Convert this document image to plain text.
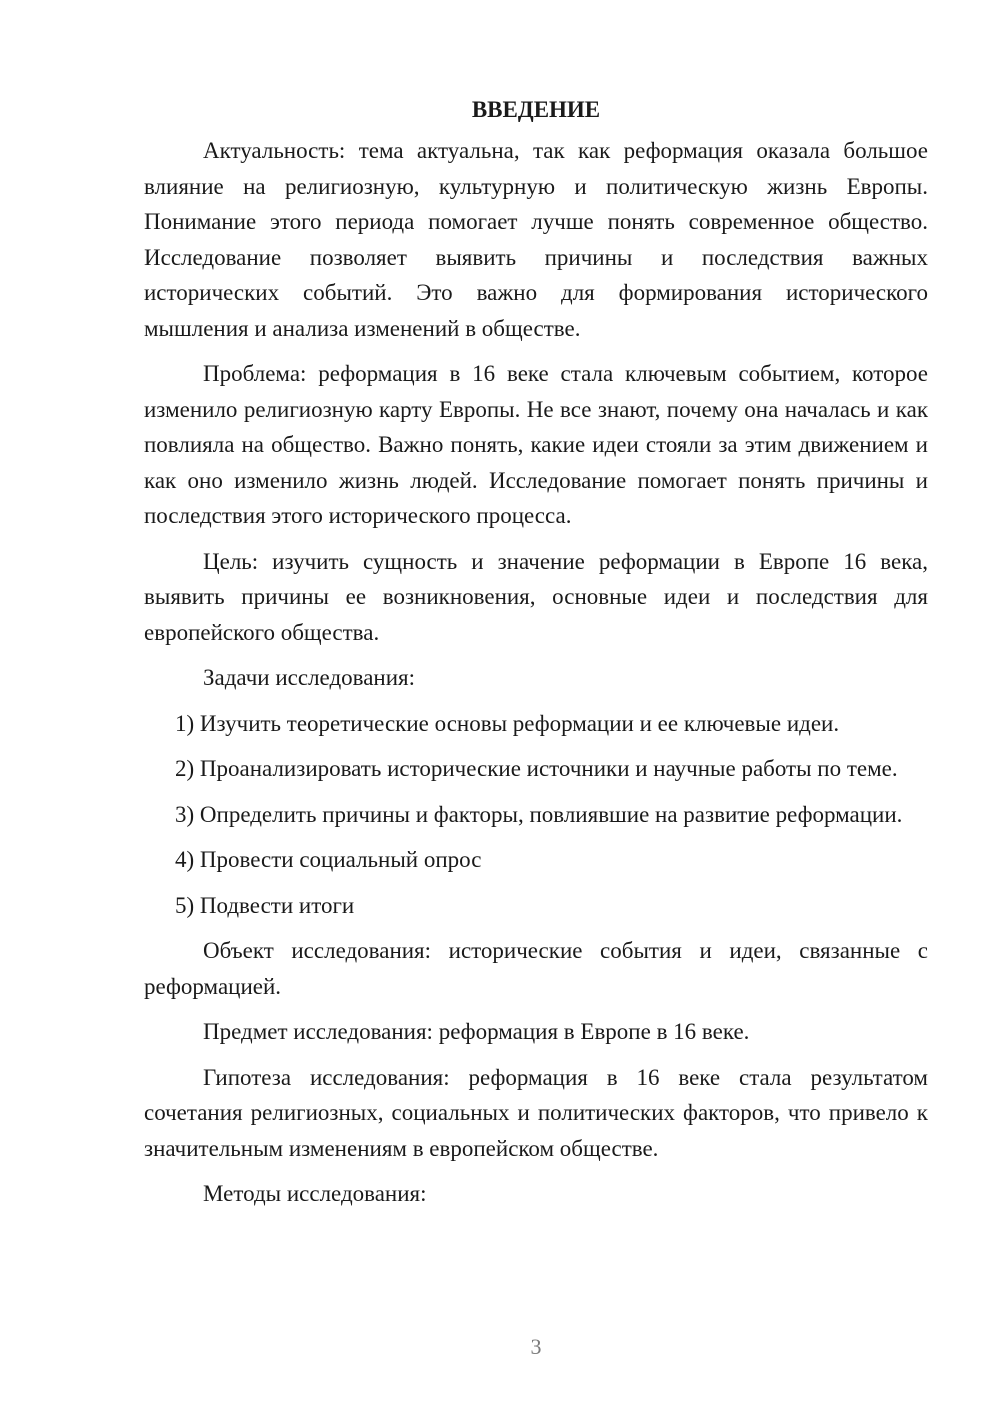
ВВЕДЕНИЕ

Актуальность: тема актуальна, так как реформация оказала большое влияние на религиозную, культурную и политическую жизнь Европы. Понимание этого периода помогает лучше понять современное общество. Исследование позволяет выявить причины и последствия важных исторических событий. Это важно для формирования исторического мышления и анализа изменений в обществе.

Проблема: реформация в 16 веке стала ключевым событием, которое изменило религиозную карту Европы. Не все знают, почему она началась и как повлияла на общество. Важно понять, какие идеи стояли за этим движением и как оно изменило жизнь людей. Исследование помогает понять причины и последствия этого исторического процесса.

Цель: изучить сущность и значение реформации в Европе 16 века, выявить причины ее возникновения, основные идеи и последствия для европейского общества.

Задачи исследования:

1) Изучить теоретические основы реформации и ее ключевые идеи.

2) Проанализировать исторические источники и научные работы по теме.

3) Определить причины и факторы, повлиявшие на развитие реформации.

4) Провести социальный опрос

5) Подвести итоги

Объект исследования: исторические события и идеи, связанные с реформацией.

Предмет исследования: реформация в Европе в 16 веке.

Гипотеза исследования: реформация в 16 веке стала результатом сочетания религиозных, социальных и политических факторов, что привело к значительным изменениям в европейском обществе.

Методы исследования:

3
